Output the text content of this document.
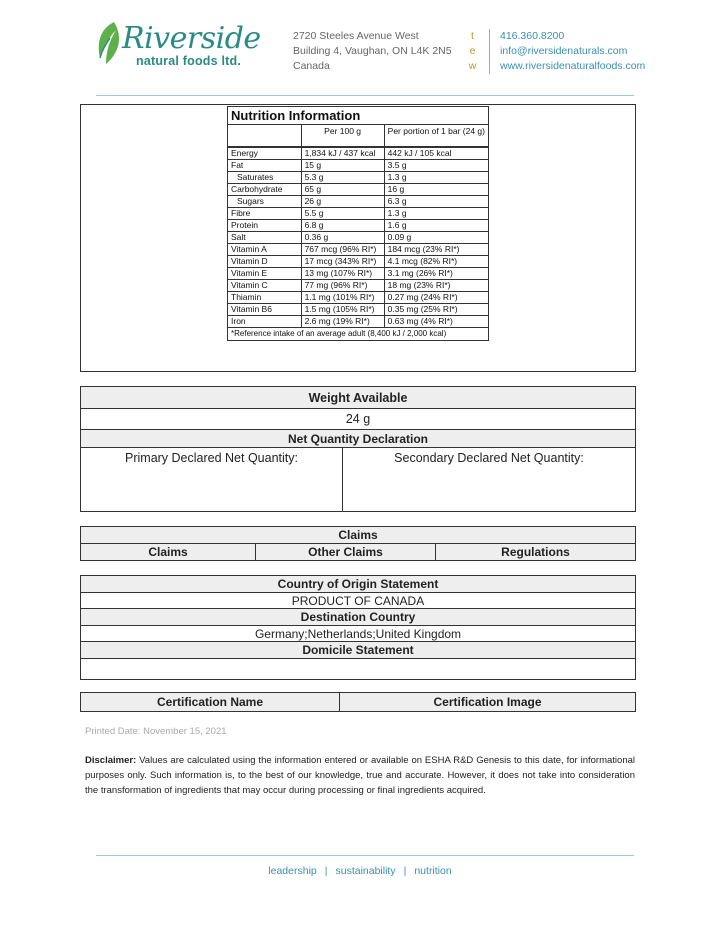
Riverside
natural foods ltd.
2720 Steeles Avenue West
Building 4, Vaughan, ON L4K 2N5
Canada
t	416.360.8200
e	info@riversidenaturals.com
w	www.riversidenaturalfoods.com
Nutrition Information
	Per 100 g	Per portion of 1 bar (24 g)
Energy	1,834 kJ / 437 kcal	442 kJ / 105 kcal
Fat	15 g	3.5 g
Saturates	5.3 g	1.3 g
Carbohydrate	65 g	16 g
Sugars	26 g	6.3 g
Fibre	5.5 g	1.3 g
Protein	6.8 g	1.6 g
Salt	0.36 g	0.09 g
Vitamin A	767 mcg (96% RI*)	184 mcg (23% RI*)
Vitamin D	17 mcg (343% RI*)	4.1 mcg (82% RI*)
Vitamin E	13 mg (107% RI*)	3.1 mg (26% RI*)
Vitamin C	77 mg (96% RI*)	18 mg (23% RI*)
Thiamin	1.1 mg (101% RI*)	0.27 mg (24% RI*)
Vitamin B6	1.5 mg (105% RI*)	0.35 mg (25% RI*)
Iron	2.6 mg (19% RI*)	0.63 mg (4% RI*)
*Reference intake of an average adult (8,400 kJ / 2,000 kcal)
Weight Available
24 g
Net Quantity Declaration
Primary Declared Net Quantity:	Secondary Declared Net Quantity:
Claims
Claims	Other Claims	Regulations
Country of Origin Statement
PRODUCT OF CANADA
Destination Country
Germany;Netherlands;United Kingdom
Domicile Statement

Certification Name	Certification Image
Printed Date: November 15, 2021
Disclaimer: Values are calculated using the information entered or available on ESHA R&D Genesis to this date, for informational purposes only. Such information is, to the best of our knowledge, true and accurate. However, it does not take into consideration the transformation of ingredients that may occur during processing or final ingredients acquired.
leadership | sustainability | nutrition
